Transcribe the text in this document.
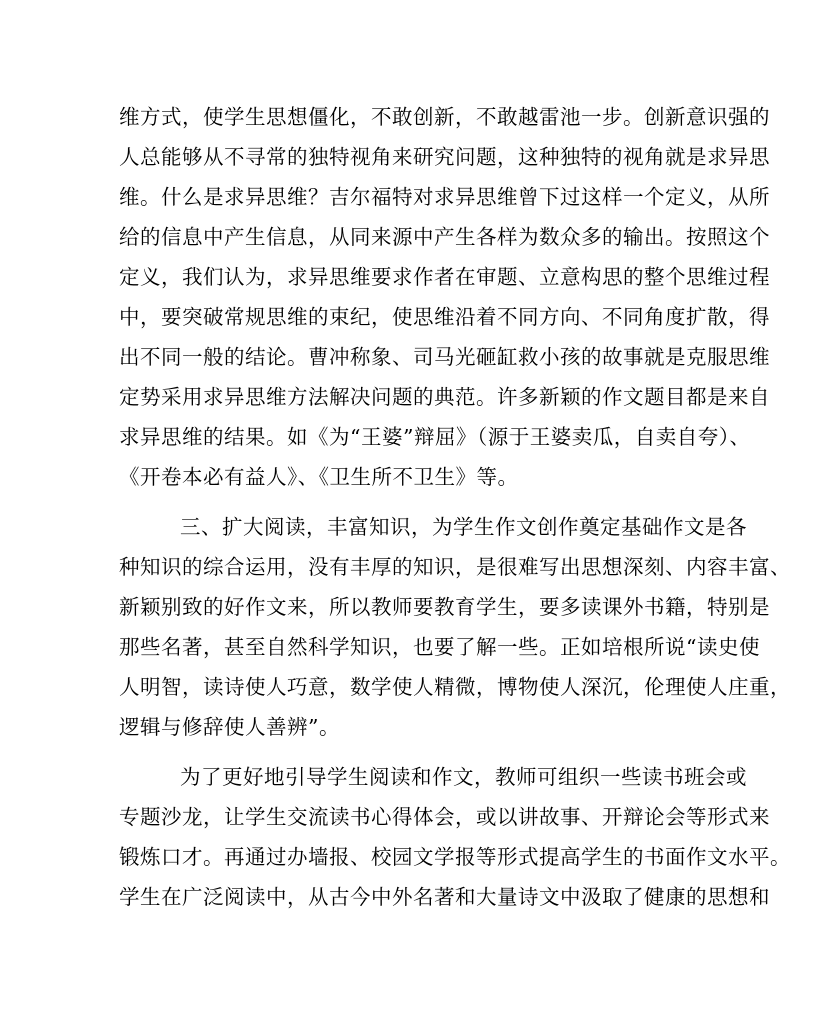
维方式，使学生思想僵化，不敢创新，不敢越雷池一步。创新意识强的
人总能够从不寻常的独特视角来研究问题，这种独特的视角就是求异思
维。什么是求异思维？吉尔福特对求异思维曾下过这样一个定义，从所
给的信息中产生信息，从同来源中产生各样为数众多的输出。按照这个
定义，我们认为，求异思维要求作者在审题、立意构思的整个思维过程
中，要突破常规思维的束纪，使思维沿着不同方向、不同角度扩散，得
出不同一般的结论。曹冲称象、司马光砸缸救小孩的故事就是克服思维
定势采用求异思维方法解决问题的典范。许多新颖的作文题目都是来自
求异思维的结果。如《为“王婆”辩屈》（源于王婆卖瓜，自卖自夸）、
《开卷本必有益人》、《卫生所不卫生》等。
三、扩大阅读，丰富知识，为学生作文创作奠定基础作文是各
种知识的综合运用，没有丰厚的知识，是很难写出思想深刻、内容丰富、
新颖别致的好作文来，所以教师要教育学生，要多读课外书籍，特别是
那些名著，甚至自然科学知识，也要了解一些。正如培根所说“读史使
人明智，读诗使人巧意，数学使人精微，博物使人深沉，伦理使人庄重，
逻辑与修辞使人善辨”。
为了更好地引导学生阅读和作文，教师可组织一些读书班会或
专题沙龙，让学生交流读书心得体会，或以讲故事、开辩论会等形式来
锻炼口才。再通过办墙报、校园文学报等形式提高学生的书面作文水平。
学生在广泛阅读中，从古今中外名著和大量诗文中汲取了健康的思想和
